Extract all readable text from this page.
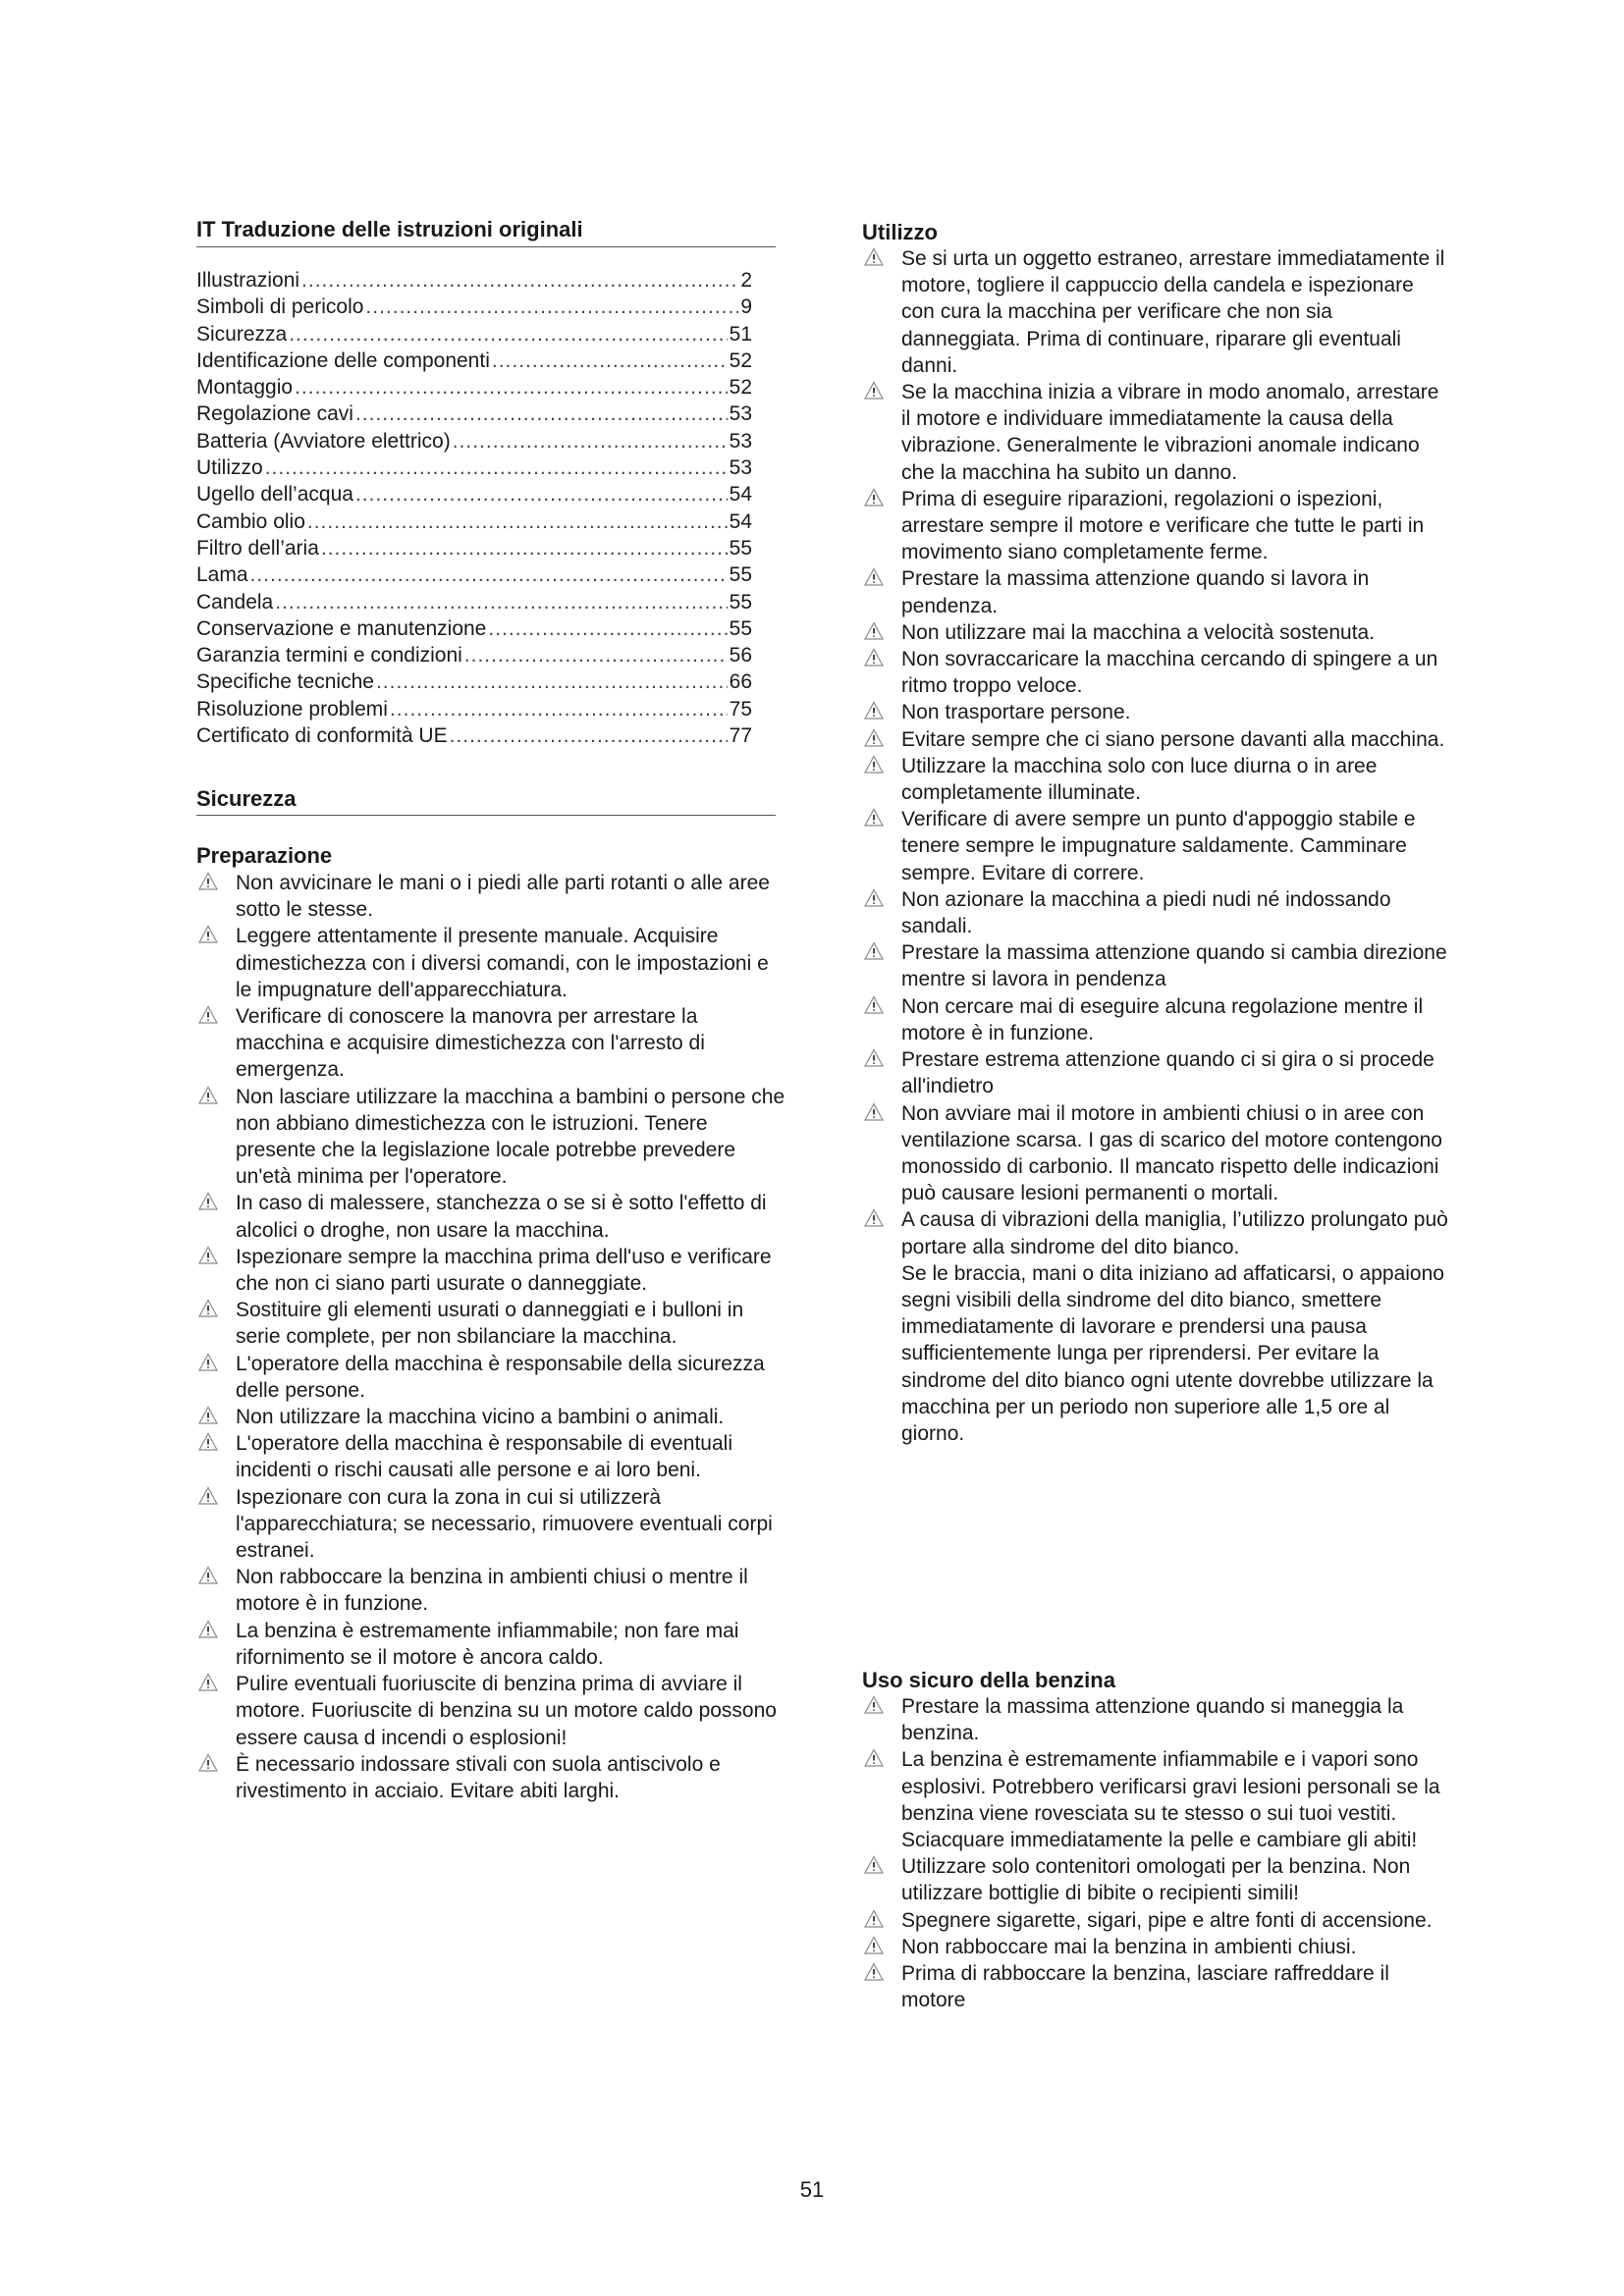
IT Traduzione delle istruzioni originali
Illustrazioni .....	2
Simboli di pericolo .....	9
Sicurezza .....	51
Identificazione delle componenti .....	52
Montaggio .....	52
Regolazione cavi .....	53
Batteria (Avviatore elettrico) .....	53
Utilizzo .....	53
Ugello dell’acqua .....	54
Cambio olio .....	54
Filtro dell’aria .....	55
Lama .....	55
Candela .....	55
Conservazione e manutenzione .....	55
Garanzia termini e condizioni .....	56
Specifiche tecniche .....	66
Risoluzione problemi .....	75
Certificato di conformità UE .....	77
Sicurezza
Preparazione
Non avvicinare le mani o i piedi alle parti rotanti o alle aree sotto le stesse.
Leggere attentamente il presente manuale. Acquisire dimestichezza con i diversi comandi, con le impostazioni e le impugnature dell'apparecchiatura.
Verificare di conoscere la manovra per arrestare la macchina e acquisire dimestichezza con l'arresto di emergenza.
Non lasciare utilizzare la macchina a bambini o persone che non abbiano dimestichezza con le istruzioni. Tenere presente che la legislazione locale potrebbe prevedere un'età minima per l'operatore.
In caso di malessere, stanchezza o se si è sotto l'effetto di alcolici o droghe, non usare la macchina.
Ispezionare sempre la macchina prima dell'uso e verificare che non ci siano parti usurate o danneggiate.
Sostituire gli elementi usurati o danneggiati e i bulloni in serie complete, per non sbilanciare la macchina.
L'operatore della macchina è responsabile della sicurezza delle persone.
Non utilizzare la macchina vicino a bambini o animali.
L'operatore della macchina è responsabile di eventuali incidenti o rischi causati alle persone e ai loro beni.
Ispezionare con cura la zona in cui si utilizzerà l'apparecchiatura; se necessario, rimuovere eventuali corpi estranei.
Non rabboccare la benzina in ambienti chiusi o mentre il motore è in funzione.
La benzina è estremamente infiammabile; non fare mai rifornimento se il motore è ancora caldo.
Pulire eventuali fuoriuscite di benzina prima di avviare il motore. Fuoriuscite di benzina su un motore caldo possono essere causa d incendi o esplosioni!
È necessario indossare stivali con suola antiscivolo e rivestimento in acciaio. Evitare abiti larghi.
Utilizzo
Se si urta un oggetto estraneo, arrestare immediatamente il motore, togliere il cappuccio della candela e ispezionare con cura la macchina per verificare che non sia danneggiata. Prima di continuare, riparare gli eventuali danni.
Se la macchina inizia a vibrare in modo anomalo, arrestare il motore e individuare immediatamente la causa della vibrazione. Generalmente le vibrazioni anomale indicano che la macchina ha subito un danno.
Prima di eseguire riparazioni, regolazioni o ispezioni, arrestare sempre il motore e verificare che tutte le parti in movimento siano completamente ferme.
Prestare la massima attenzione quando si lavora in pendenza.
Non utilizzare mai la macchina a velocità sostenuta.
Non sovraccaricare la macchina cercando di spingere a un ritmo troppo veloce.
Non trasportare persone.
Evitare sempre che ci siano persone davanti alla macchina.
Utilizzare la macchina solo con luce diurna o in aree completamente illuminate.
Verificare di avere sempre un punto d'appoggio stabile e tenere sempre le impugnature saldamente. Camminare sempre. Evitare di correre.
Non azionare la macchina a piedi nudi né indossando sandali.
Prestare la massima attenzione quando si cambia direzione mentre si lavora in pendenza
Non cercare mai di eseguire alcuna regolazione mentre il motore è in funzione.
Prestare estrema attenzione quando ci si gira o si procede all'indietro
Non avviare mai il motore in ambienti chiusi o in aree con ventilazione scarsa. I gas di scarico del motore contengono monossido di carbonio. Il mancato rispetto delle indicazioni può causare lesioni permanenti o mortali.
A causa di vibrazioni della maniglia, l’utilizzo prolungato può portare alla sindrome del dito bianco.
Se le braccia, mani o dita iniziano ad affaticarsi, o appaiono segni visibili della sindrome del dito bianco, smettere immediatamente di lavorare e prendersi una pausa sufficientemente lunga per riprendersi. Per evitare la sindrome del dito bianco ogni utente dovrebbe utilizzare la macchina per un periodo non superiore alle 1,5 ore al giorno.
Uso sicuro della benzina
Prestare la massima attenzione quando si maneggia la benzina.
La benzina è estremamente infiammabile e i vapori sono esplosivi. Potrebbero verificarsi gravi lesioni personali se la benzina viene rovesciata su te stesso o sui tuoi vestiti. Sciacquare immediatamente la pelle e cambiare gli abiti!
Utilizzare solo contenitori omologati per la benzina. Non utilizzare bottiglie di bibite o recipienti simili!
Spegnere sigarette, sigari, pipe e altre fonti di accensione.
Non rabboccare mai la benzina in ambienti chiusi.
Prima di rabboccare la benzina, lasciare raffreddare il motore
51
